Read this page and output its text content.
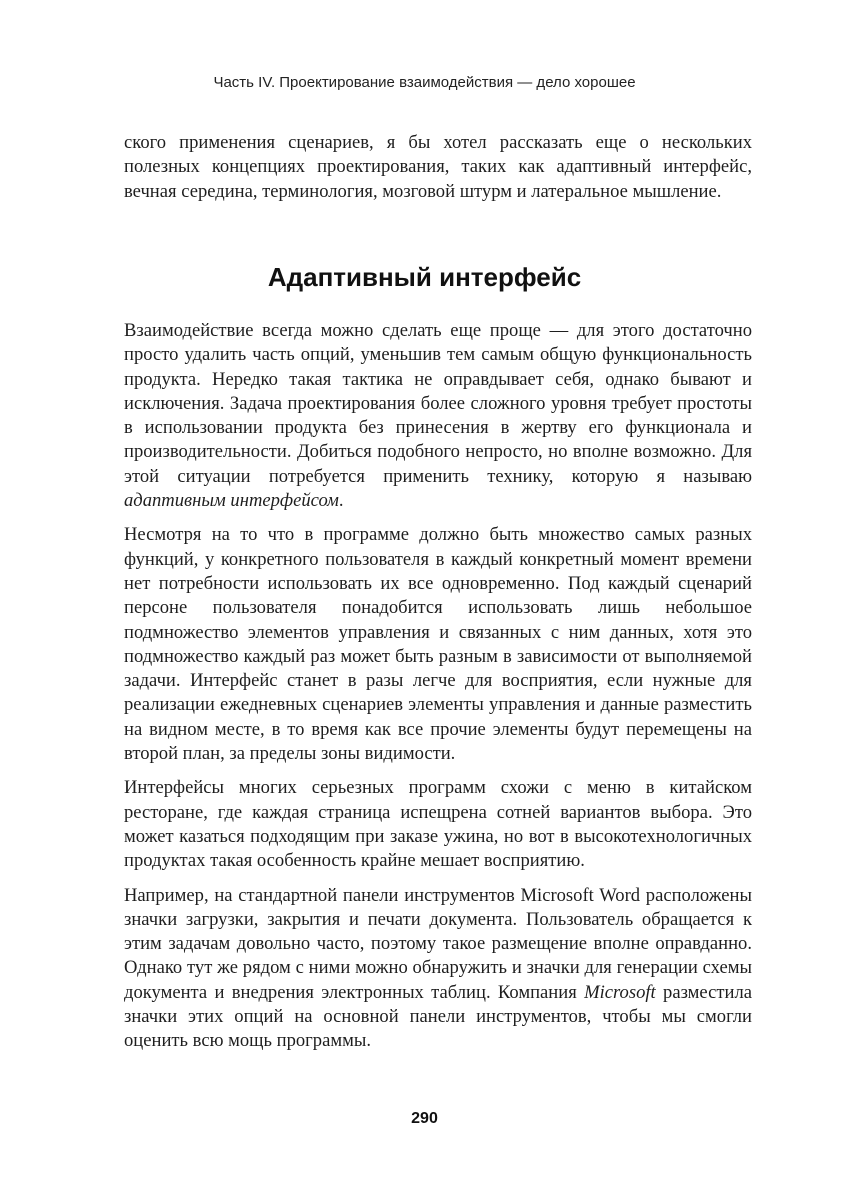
Часть IV. Проектирование взаимодействия — дело хорошее

ского применения сценариев, я бы хотел рассказать еще о нескольких полезных концепциях проектирования, таких как адаптивный интерфейс, вечная середина, терминология, мозговой штурм и латеральное мышление.

Адаптивный интерфейс

Взаимодействие всегда можно сделать еще проще — для этого достаточно просто удалить часть опций, уменьшив тем самым общую функциональность продукта. Нередко такая тактика не оправдывает себя, однако бывают и исключения. Задача проектирования более сложного уровня требует простоты в использовании продукта без принесения в жертву его функционала и производительности. Добиться подобного непросто, но вполне возможно. Для этой ситуации потребуется применить технику, которую я называю адаптивным интерфейсом.

Несмотря на то что в программе должно быть множество самых разных функций, у конкретного пользователя в каждый конкретный момент времени нет потребности использовать их все одновременно. Под каждый сценарий персоне пользователя понадобится использовать лишь небольшое подмножество элементов управления и связанных с ним данных, хотя это подмножество каждый раз может быть разным в зависимости от выполняемой задачи. Интерфейс станет в разы легче для восприятия, если нужные для реализации ежедневных сценариев элементы управления и данные разместить на видном месте, в то время как все прочие элементы будут перемещены на второй план, за пределы зоны видимости.

Интерфейсы многих серьезных программ схожи с меню в китайском ресторане, где каждая страница испещрена сотней вариантов выбора. Это может казаться подходящим при заказе ужина, но вот в высокотехнологичных продуктах такая особенность крайне мешает восприятию.

Например, на стандартной панели инструментов Microsoft Word расположены значки загрузки, закрытия и печати документа. Пользователь обращается к этим задачам довольно часто, поэтому такое размещение вполне оправданно. Однако тут же рядом с ними можно обнаружить и значки для генерации схемы документа и внедрения электронных таблиц. Компания Microsoft разместила значки этих опций на основной панели инструментов, чтобы мы смогли оценить всю мощь программы.

290
